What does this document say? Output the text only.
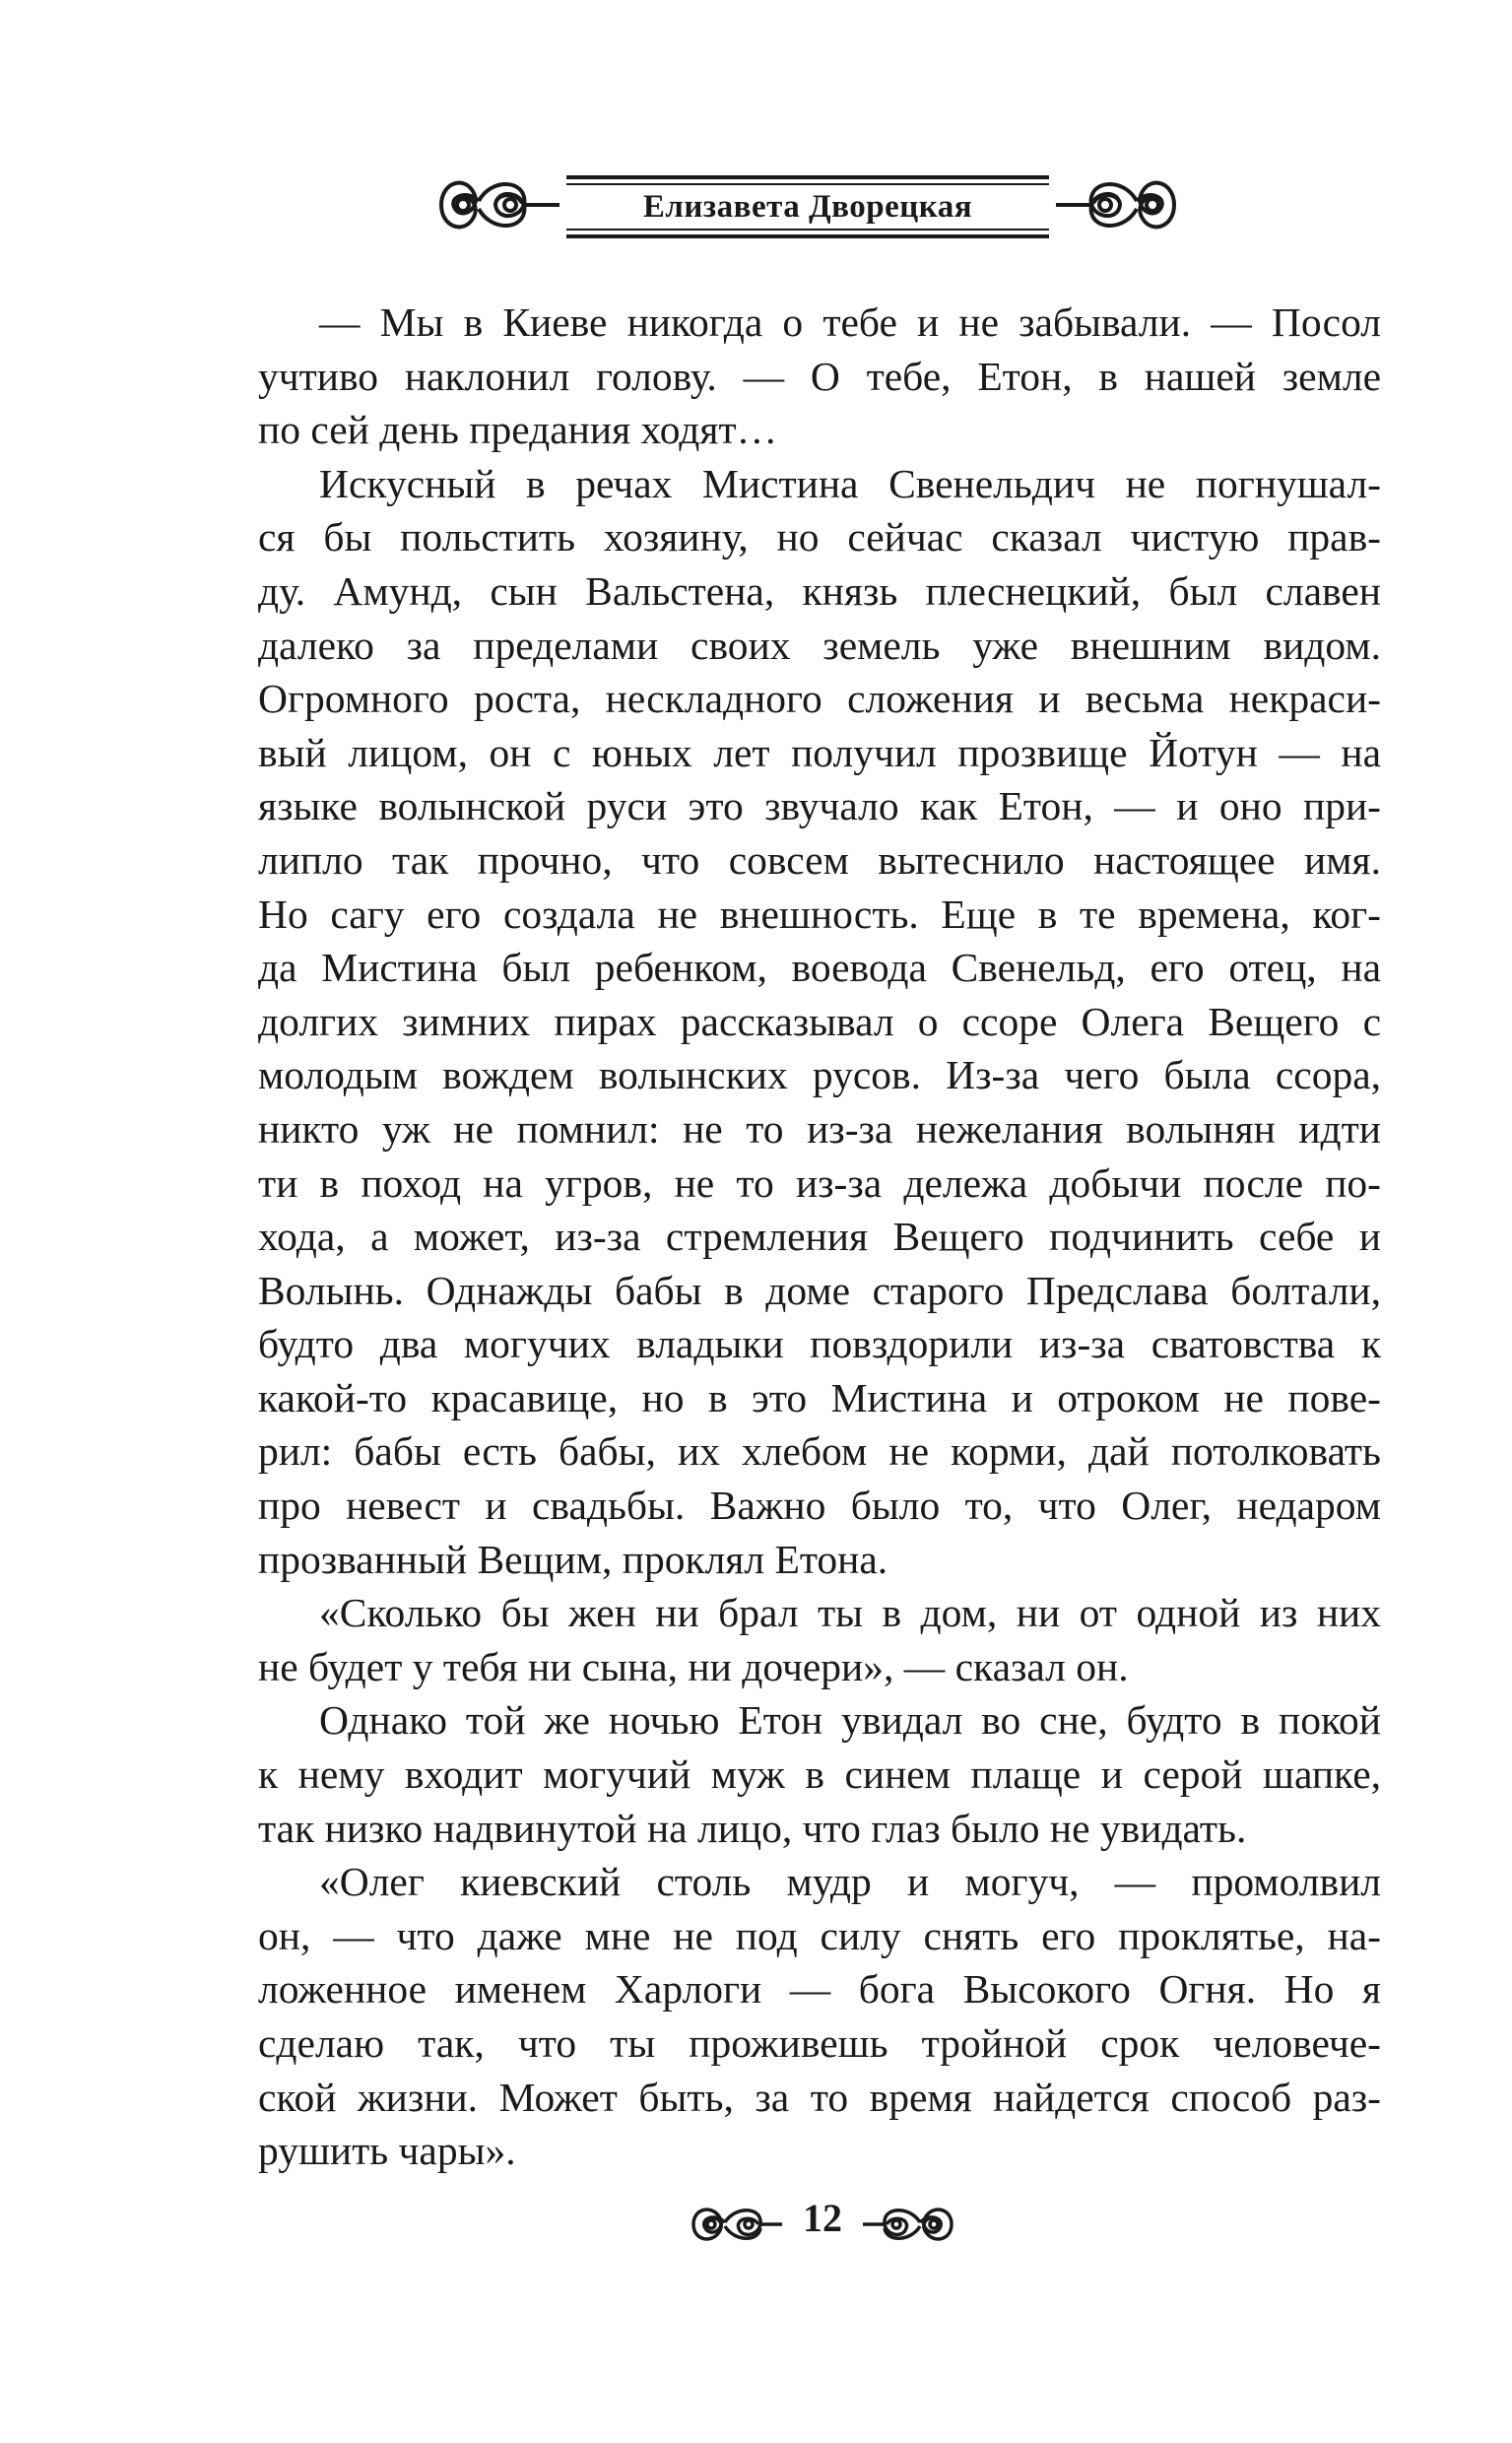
Елизавета Дворецкая
— Мы в Киеве никогда о тебе и не забывали. — Посол
учтиво наклонил голову. — О тебе, Етон, в нашей земле
по сей день предания ходят…
Искусный в речах Мистина Свенельдич не погнушал-
ся бы польстить хозяину, но сейчас сказал чистую прав-
ду. Амунд, сын Вальстена, князь плеснецкий, был славен
далеко за пределами своих земель уже внешним видом.
Огромного роста, нескладного сложения и весьма некраси-
вый лицом, он с юных лет получил прозвище Йотун — на
языке волынской руси это звучало как Етон, — и оно при-
липло так прочно, что совсем вытеснило настоящее имя.
Но сагу его создала не внешность. Еще в те времена, ког-
да Мистина был ребенком, воевода Свенельд, его отец, на
долгих зимних пирах рассказывал о ссоре Олега Вещего с
молодым вождем волынских русов. Из-за чего была ссора,
никто уж не помнил: не то из-за нежелания волынян идти
ти в поход на угров, не то из-за дележа добычи после по-
хода, а может, из-за стремления Вещего подчинить себе и
Волынь. Однажды бабы в доме старого Предслава болтали,
будто два могучих владыки повздорили из-за сватовства к
какой-то красавице, но в это Мистина и отроком не пове-
рил: бабы есть бабы, их хлебом не корми, дай потолковать
про невест и свадьбы. Важно было то, что Олег, недаром
прозванный Вещим, проклял Етона.
«Сколько бы жен ни брал ты в дом, ни от одной из них
не будет у тебя ни сына, ни дочери», — сказал он.
Однако той же ночью Етон увидал во сне, будто в покой
к нему входит могучий муж в синем плаще и серой шапке,
так низко надвинутой на лицо, что глаз было не увидать.
«Олег киевский столь мудр и могуч, — промолвил
он, — что даже мне не под силу снять его проклятье, на-
ложенное именем Харлоги — бога Высокого Огня. Но я
сделаю так, что ты проживешь тройной срок человече-
ской жизни. Может быть, за то время найдется способ раз-
рушить чары».
12
